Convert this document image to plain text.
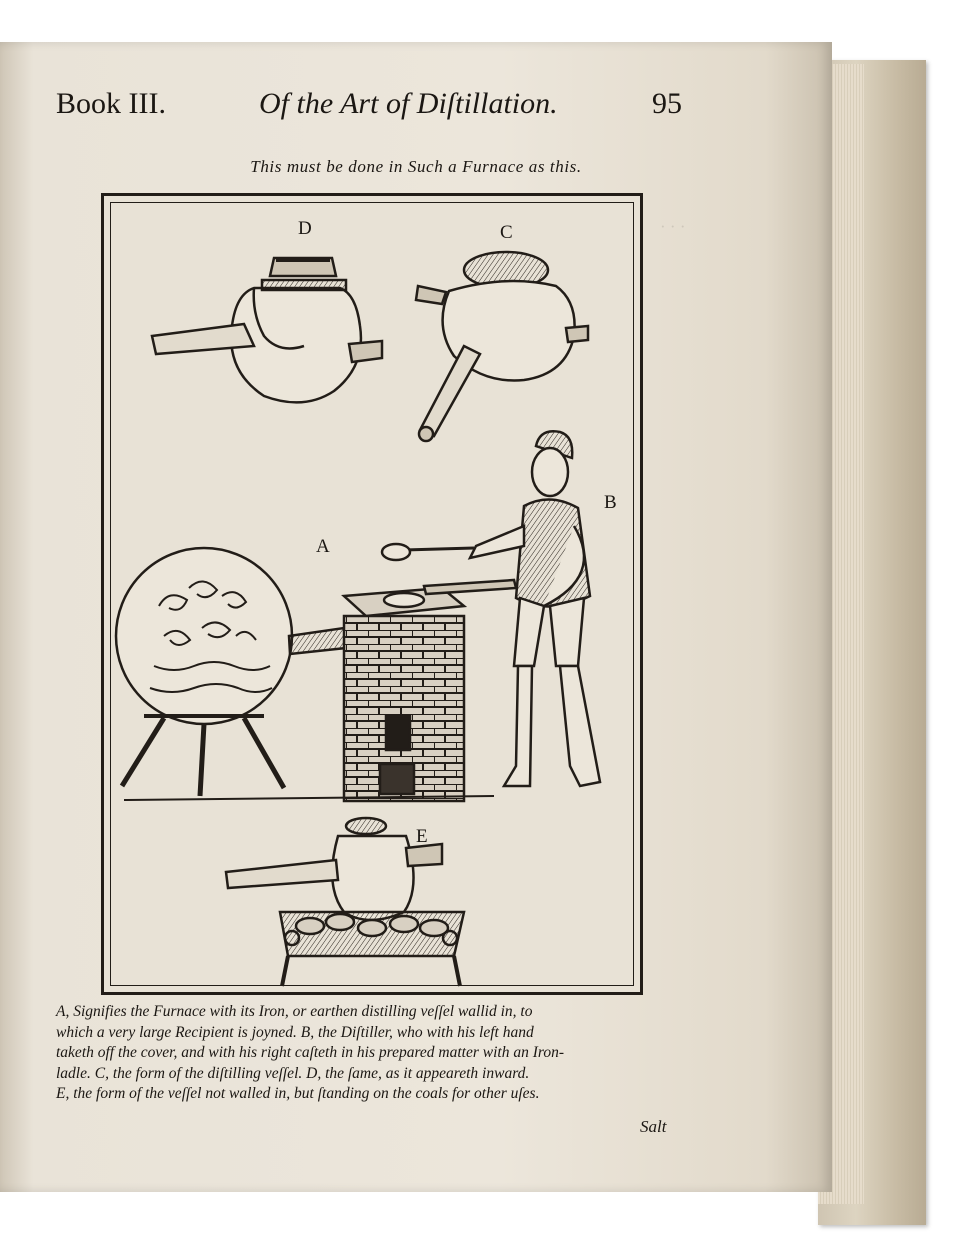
· · ·
Book III.	Of the Art of Diſtillation.	95
This must be done in Such a Furnace as this.
D	C
A
B
E
A, Signifies the Furnace with its Iron, or earthen distilling veſſel wallid in, to
which a very large Recipient is joyned. B, the Diſtiller, who with his left hand
taketh off the cover, and with his right caſteth in his prepared matter with an Iron-
ladle. C, the form of the diſtilling veſſel. D, the ſame, as it appeareth inward.
E, the form of the veſſel not walled in, but ſtanding on the coals for other uſes.
Salt
